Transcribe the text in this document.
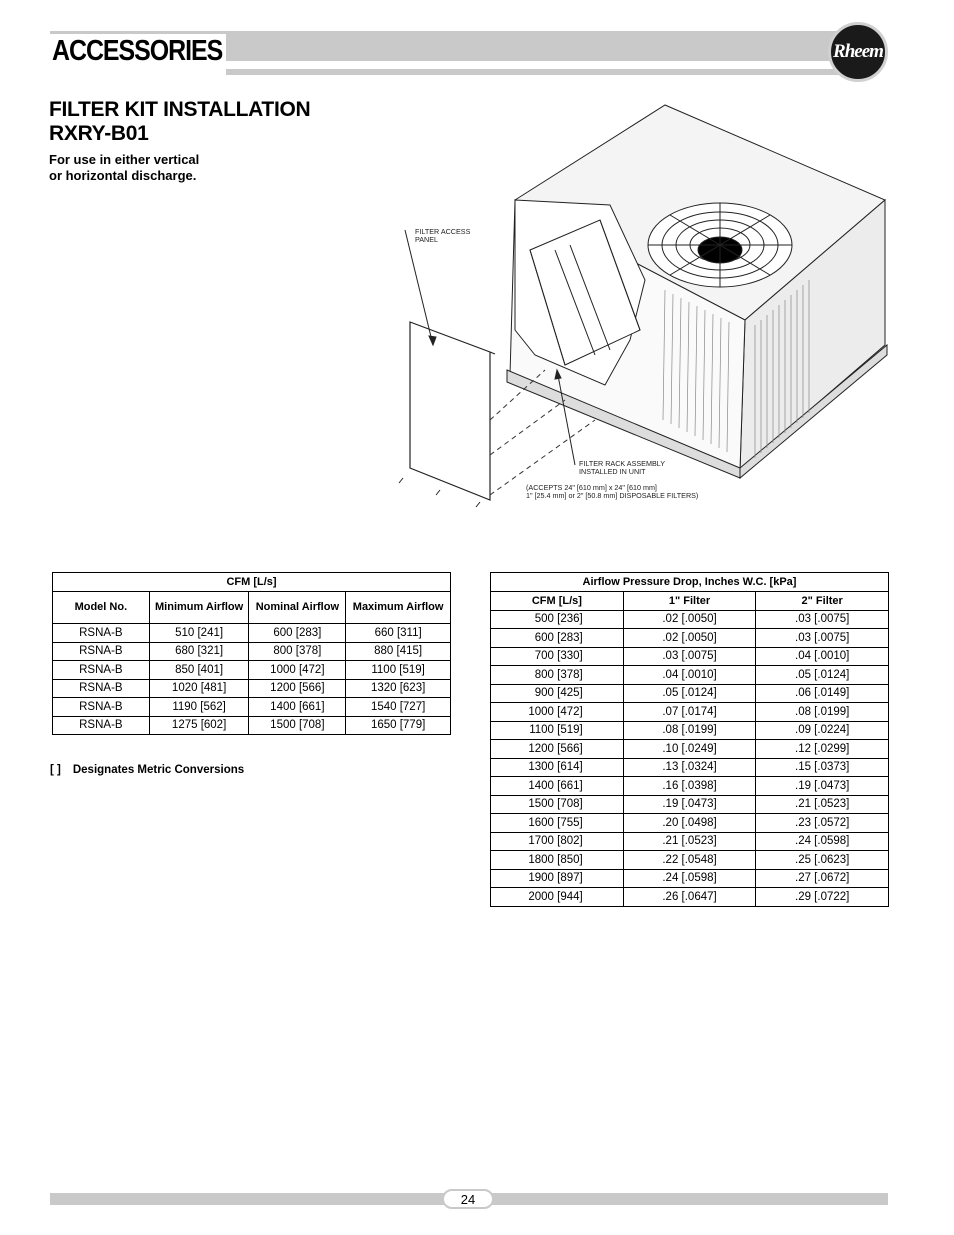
ACCESSORIES	Rheem
FILTER KIT INSTALLATION
RXRY-B01
For use in either vertical or horizontal discharge.
FILTER ACCESS
PANEL
FILTER RACK ASSEMBLY
INSTALLED IN UNIT
(ACCEPTS 24" [610 mm] x 24" [610 mm]
1" [25.4 mm] or 2" [50.8 mm] DISPOSABLE FILTERS)
CFM [L/s]			
Model No.	Minimum Airflow	Nominal Airflow	Maximum Airflow
RSNA-B	510 [241]	600 [283]	660 [311]
RSNA-B	680 [321]	800 [378]	880 [415]
RSNA-B	850 [401]	1000 [472]	1100 [519]
RSNA-B	1020 [481]	1200 [566]	1320 [623]
RSNA-B	1190 [562]	1400 [661]	1540 [727]
RSNA-B	1275 [602]	1500 [708]	1650 [779]
[ ] Designates Metric Conversions
Airflow Pressure Drop, Inches W.C. [kPa]		
CFM [L/s]	1" Filter	2" Filter
500 [236]	.02 [.0050]	.03 [.0075]
600 [283]	.02 [.0050]	.03 [.0075]
700 [330]	.03 [.0075]	.04 [.0010]
800 [378]	.04 [.0010]	.05 [.0124]
900 [425]	.05 [.0124]	.06 [.0149]
1000 [472]	.07 [.0174]	.08 [.0199]
1100 [519]	.08 [.0199]	.09 [.0224]
1200 [566]	.10 [.0249]	.12 [.0299]
1300 [614]	.13 [.0324]	.15 [.0373]
1400 [661]	.16 [.0398]	.19 [.0473]
1500 [708]	.19 [.0473]	.21 [.0523]
1600 [755]	.20 [.0498]	.23 [.0572]
1700 [802]	.21 [.0523]	.24 [.0598]
1800 [850]	.22 [.0548]	.25 [.0623]
1900 [897]	.24 [.0598]	.27 [.0672]
2000 [944]	.26 [.0647]	.29 [.0722]
24
